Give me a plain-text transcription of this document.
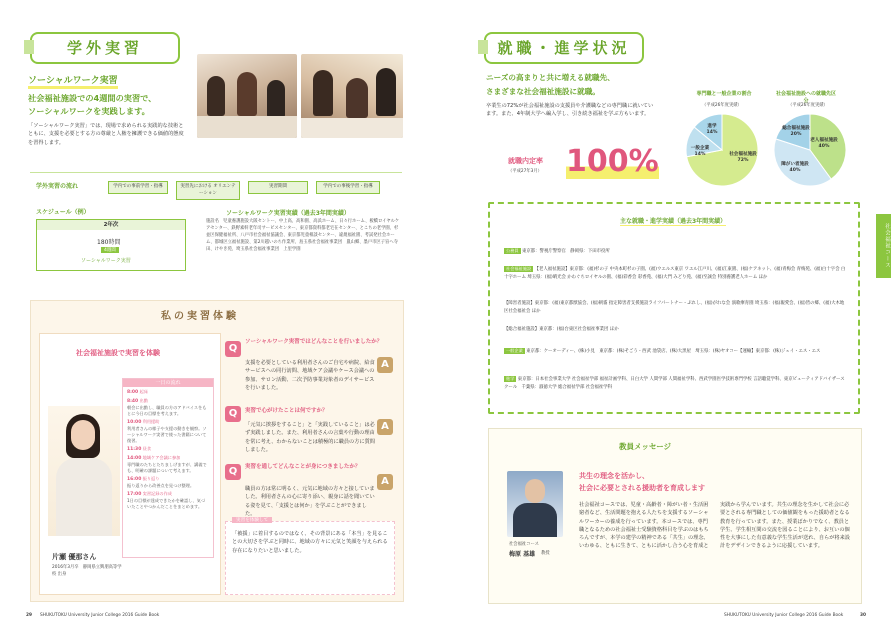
学外実習
ソーシャルワーク実習
社会福祉施設での4週間の実習で、
ソーシャルワークを実践します。
「ソーシャルワーク実習」では、現場で求められる実践的な技術とともに、支援を必要とする方の尊厳と人権を擁護できる価値的態度を習得します。
学外実習の流れ	学内での事前学習・指導	実習先における オリエンテーション
実習期間	学内での事後学習・指導
スケジュール（例）
2年次
180時間
4週間
ソーシャルワーク実習
ソーシャルワーク実習実績（過去3年間実績）
施設名　児童養護施設大阪セントー、中上高、高和園、高浜ホーム、日々行ホーム、板橋ロイヤルケアセンター、鉄野素軒老年司サービスセンター、東京都資料都老宅在センター、とこちの老学園、杉並区保健福祉所、八戸市社会福祉協議会、東京都児童相談センター、違規福祉園、考試発社会ホーム、都城区立福祉施設、第2川越いのち作業所、島玉県社会福祉事業団　嵐山郷、墨戸市区子盲ヘ寺田、けやき苑、埼玉県社会福祉事業団　上里学園
私の実習体験
社会福祉施設で実習を体験
一日の流れ
8:00 起床
8:40 出勤
朝会に出勤し、職員の方のアドバイスをもとに今日の目標を考えます。
10:00 利用援助
利用者さんの様子や支援の動きを観察。ソーシャルワーク実習で使った書籍について復習。
11:30 昼食
14:00 地域ケア会議に参加
専門職のたちとたちましげますが、講義でも、明確の課題について考えます。
16:00 振り返り
振り返りから改善点を見つけ整理。
17:00 実習記録の作成
1日の目標が達成できたかを確認し、気づいたことやつかんだことをまとめます。
片瀬 優那さん
2016年3月卒　静岡県立興朋高等学校 出身
Q
ソーシャルワーク実習ではどんなことを行いましたか？
支援を必要としている利用者さんのご自宅や病院、給食サービスへの同行訪問、地域ケア会議やケース会議への参加、サロン活動、二次予防事業対象者のデイサービスを行いました。
A
Q	実習で心がけたことは何ですか？
「元気に挨拶をすること」と「実践していること」は必ず実践しました。また、利用者さんの言葉や行動の理由を常に考え、わからないことは積極的に職員の方に質問しました。
A
Q	実習を通してどんなことが身につきましたか？
職員の方は常に明るく、元気に地域の方々と接していました。利用者さんの心に寄り添い、親身に話を聞いている姿を見て、「支援とは何か」を学ぶことができました。
A
実習を体験して
「被援」に着目するのではなく、その背景にある「本当」を見ることの大切さを学ぶと同時に、地域の方々に元気と笑顔を与えられる存在になりたいと思いました。
29 SHUKUTOKU University Junior College 2016 Guide Book
就職・進学状況
ニーズの高まりと共に増える就職先、
さまざまな社会福祉施設に就職。
卒業生の72%が社会福祉施設の支援員や介護職などの専門職に就いています。また、4年制大学へ編入学し、引き続き福祉を学ぶ方もいます。
就職内定率
（平成27年3月） 100%
専門職と一般企業の割合
（平成26年度実績）
社会福祉施設 72%
一般企業 14%
進学 14%
社会福祉施設への就職先区分
（平成26年度実績）
老人福祉施設 40%
障がい者施設 40%
総合福祉施設 20%
社会福祉コース
主な就職・進学実績（過去3年間実績）
公務員 東京都：警視庁警察官　静岡県：下田市役所
社会福祉施設 【老人福祉施設】東京都：(福)杉の子 中央本町杉の子園、(福)ウエルス東京 ワエル江戸川、(福)江東園、(福)ケアネット、(福)青梅会 青梅苑、(福)白十字会 白十字ホーム 埼玉県：(福)晴光会 かわぐちロイヤルの園、(福)彩香会 彩香苑、(福)大門 みどり苑、(福)至誠会 特別養護老人ホーム ほか
【障害者施設】東京都：(福)東京都獣協会、(福)朝霧 指定障害者支援施設ライフパートナー・ぷれし、(福)がれな会 演歌療育園 埼玉県：(福)親愛会、(福)皆の郷、(福)大木地区社会福祉会 ほか
【総合福祉施設】東京都：(福)台東区社会福祉事業団 ほか
一般企業 東京都：ケーオーディー、(株)小見　東京都：(株)そごう・西武 池袋店、(株)大黒屋　埼玉県：(株)ヤオコー【運輸】東京都：(株)ジェイ・エス・エス
進学 東京都：日本社会事業大学 社会福祉学部 福祉計画学科、日白大学 人間学部 人間福祉学科、西武学園医学技術専門学校 言語聴覚学科、東京ビューティアドバイザースクール　千葉県：淑徳大学 総合福祉学部 社会福祉学科
教員メッセージ
社会福祉コース
梅原 基雄 教授
共生の理念を活かし、
社会に必要とされる援助者を育成します
社会福祉コースでは、児童・高齢者・障がい者・生活困窮者など、生活問題を抱える人たちを支援するソーシャルワーカーの養成を行っています。本コースでは、専門職となるための社会福祉士受験資格科目を学ぶのはもちろんですが、本学の建学の精神である「共生」の理念、いわゆる、ともに生きて、ともに活かし合う心を育成と実践から学んでいます。共生の理念を生かして社会に必要とされる専門職としての価値観をもった援助者となる教育を行っています。また、授業ばかりでなく、教員と学生、学生相互間の交流を図ることにより、お互いの個性を大事にした有意義な学生生活が送れ、自らが将来設計をデザインできるように応援しています。
SHUKUTOKU University Junior College 2016 Guide Book	30
